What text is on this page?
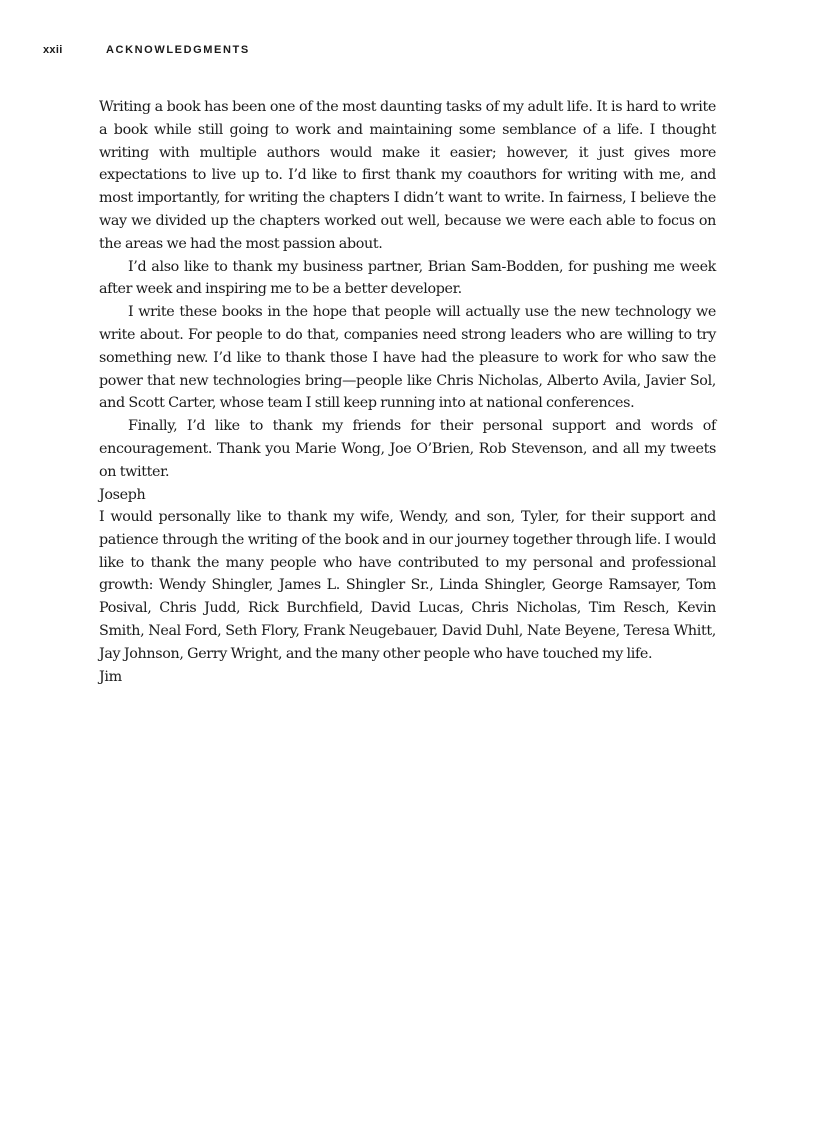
xxii	ACKNOWLEDGMENTS

Writing a book has been one of the most daunting tasks of my adult life. It is hard to write a book while still going to work and maintaining some semblance of a life. I thought writing with multiple authors would make it easier; however, it just gives more expectations to live up to. I’d like to first thank my coauthors for writing with me, and most importantly, for writing the chapters I didn’t want to write. In fairness, I believe the way we divided up the chapters worked out well, because we were each able to focus on the areas we had the most passion about.

I’d also like to thank my business partner, Brian Sam-Bodden, for pushing me week after week and inspiring me to be a better developer.

I write these books in the hope that people will actually use the new technology we write about. For people to do that, companies need strong leaders who are willing to try something new. I’d like to thank those I have had the pleasure to work for who saw the power that new technologies bring—people like Chris Nicholas, Alberto Avila, Javier Sol, and Scott Carter, whose team I still keep running into at national conferences.

Finally, I’d like to thank my friends for their personal support and words of encouragement. Thank you Marie Wong, Joe O’Brien, Rob Stevenson, and all my tweets on twitter.

Joseph

I would personally like to thank my wife, Wendy, and son, Tyler, for their support and patience through the writing of the book and in our journey together through life. I would like to thank the many people who have contributed to my personal and professional growth: Wendy Shingler, James L. Shingler Sr., Linda Shingler, George Ramsayer, Tom Posival, Chris Judd, Rick Burchfield, David Lucas, Chris Nicholas, Tim Resch, Kevin Smith, Neal Ford, Seth Flory, Frank Neugebauer, David Duhl, Nate Beyene, Teresa Whitt, Jay Johnson, Gerry Wright, and the many other people who have touched my life.

Jim
